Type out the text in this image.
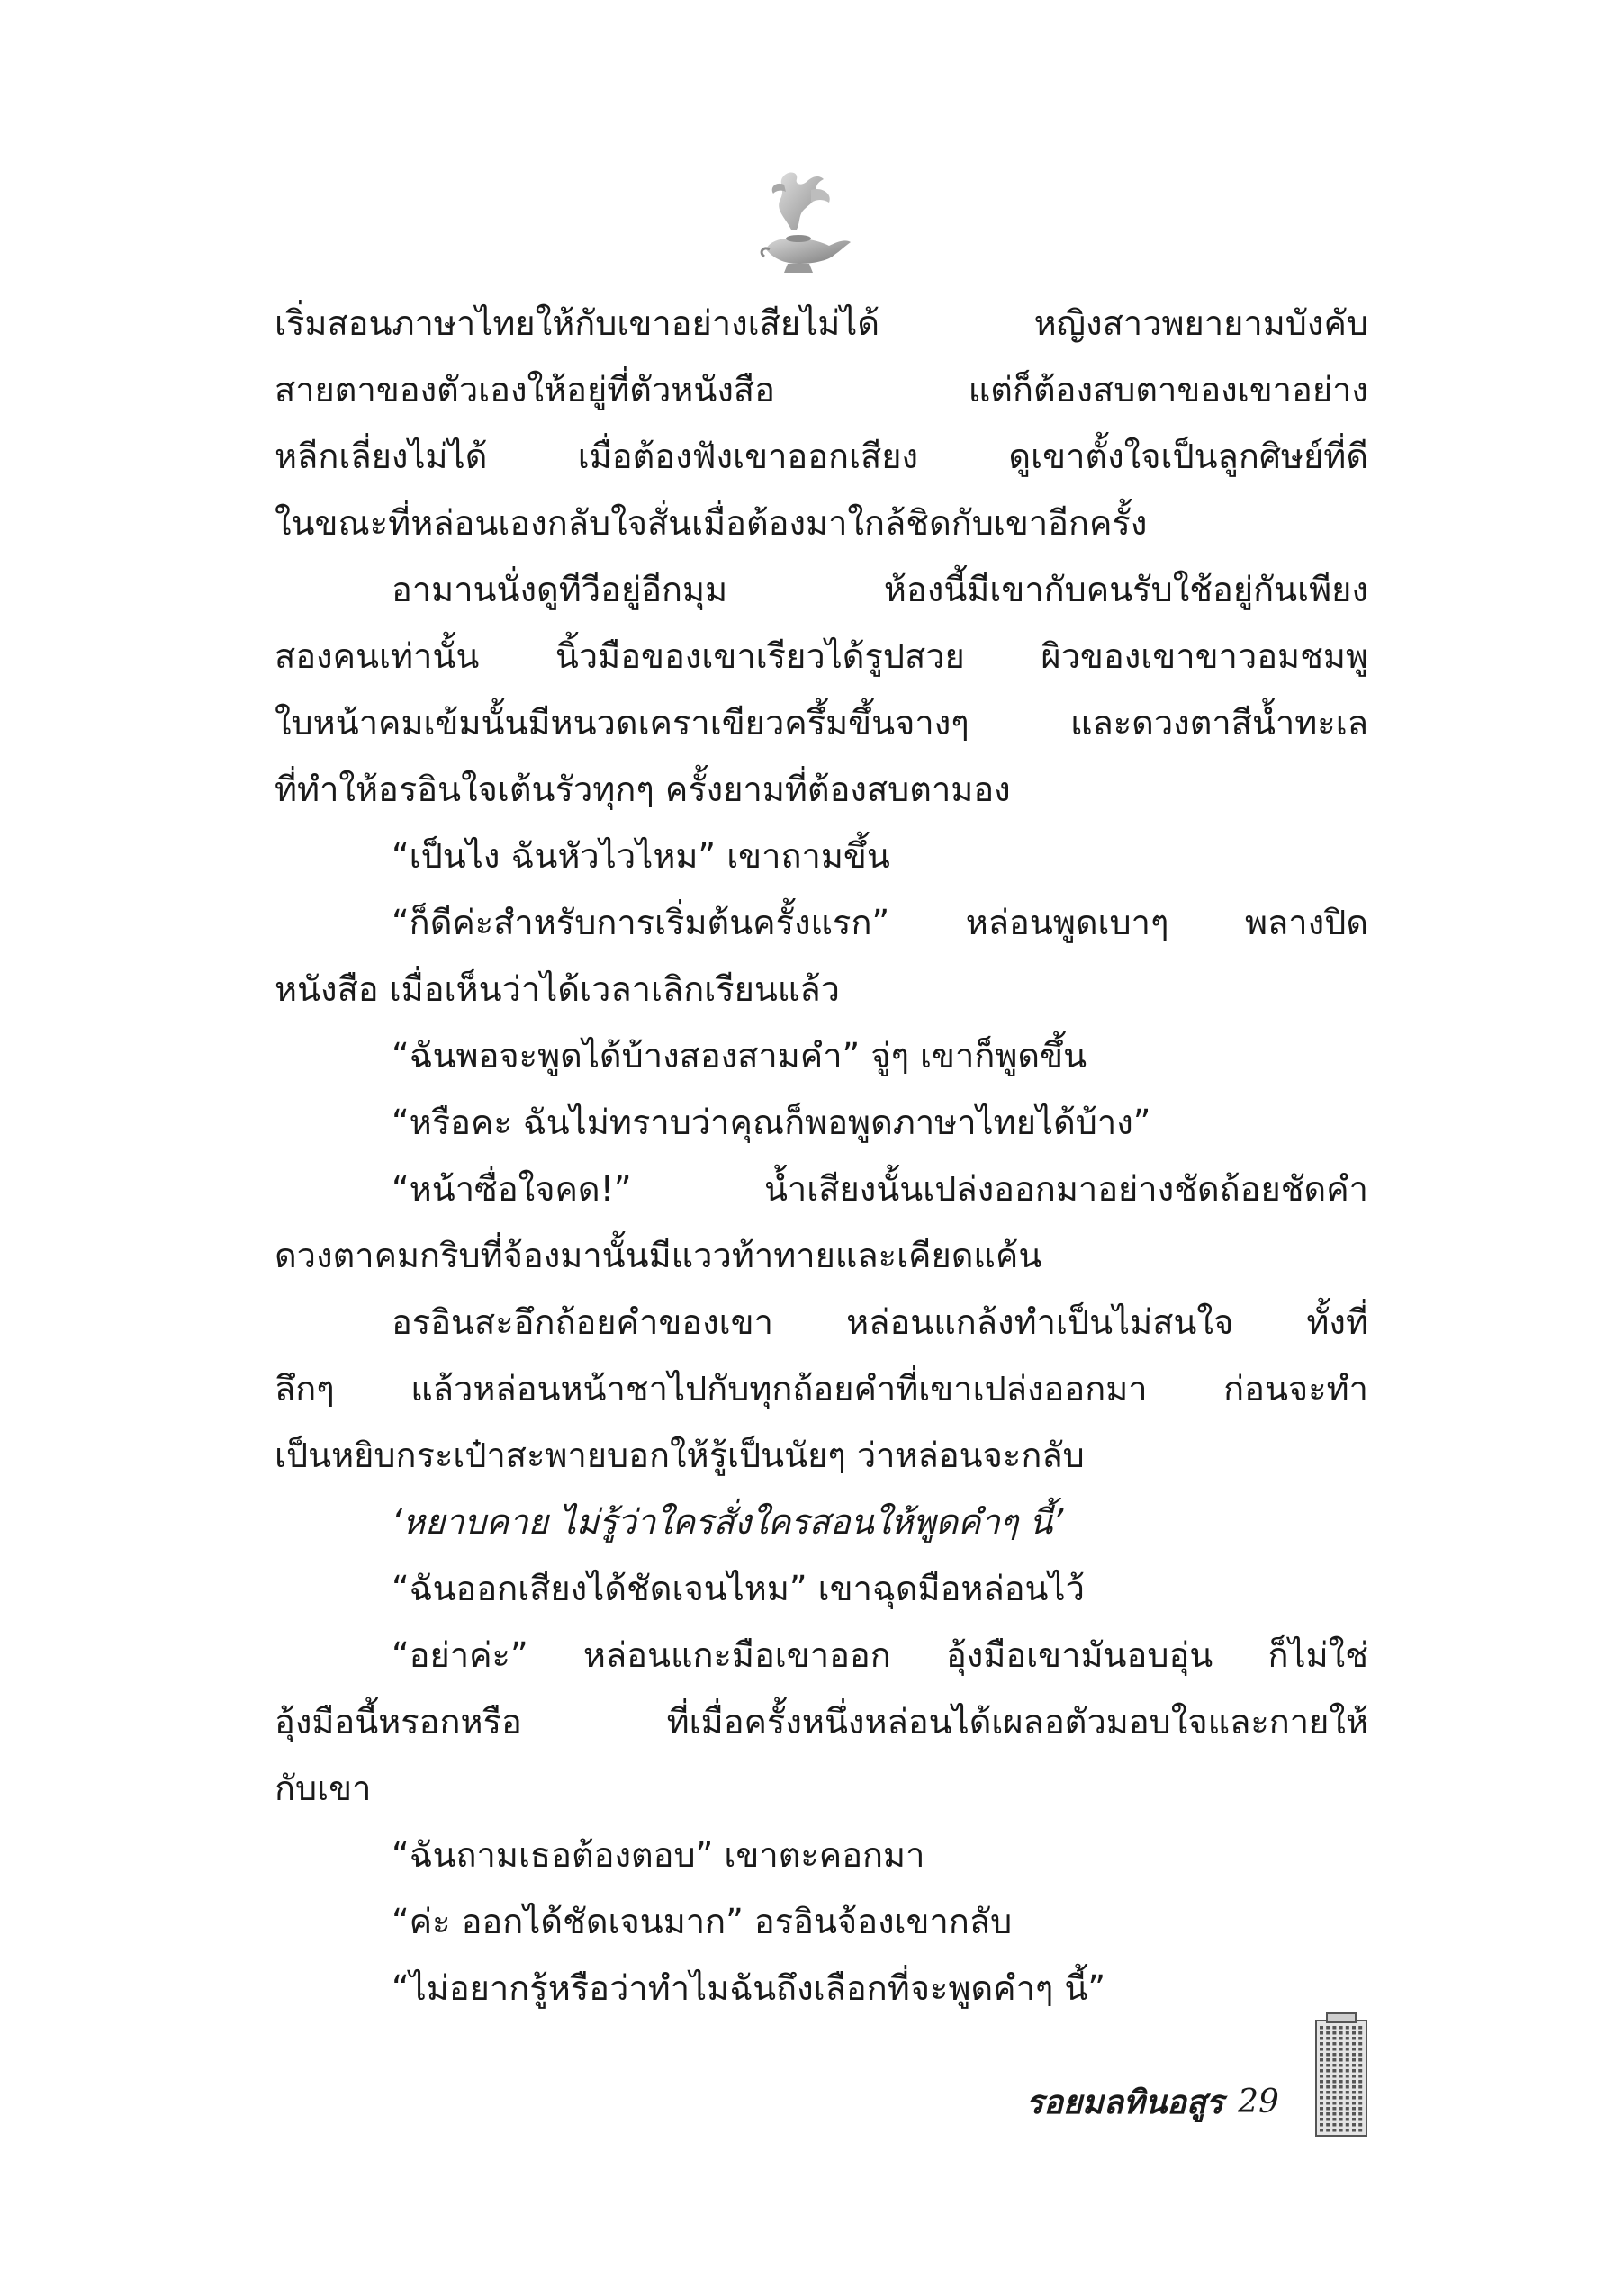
เริ่มสอนภาษาไทยให้กับเขาอย่างเสียไม่ได้ หญิงสาวพยายามบังคับ
สายตาของตัวเองให้อยู่ที่ตัวหนังสือ แต่ก็ต้องสบตาของเขาอย่าง
หลีกเลี่ยงไม่ได้ เมื่อต้องฟังเขาออกเสียง ดูเขาตั้งใจเป็นลูกศิษย์ที่ดี
ในขณะที่หล่อนเองกลับใจสั่นเมื่อต้องมาใกล้ชิดกับเขาอีกครั้ง
อามานนั่งดูทีวีอยู่อีกมุม ห้องนี้มีเขากับคนรับใช้อยู่กันเพียง
สองคนเท่านั้น นิ้วมือของเขาเรียวได้รูปสวย ผิวของเขาขาวอมชมพู
ใบหน้าคมเข้มนั้นมีหนวดเคราเขียวครึ้มขึ้นจางๆ และดวงตาสีน้ำทะเล
ที่ทำให้อรอินใจเต้นรัวทุกๆ ครั้งยามที่ต้องสบตามอง
“เป็นไง ฉันหัวไวไหม” เขาถามขึ้น
“ก็ดีค่ะสำหรับการเริ่มต้นครั้งแรก” หล่อนพูดเบาๆ พลางปิด
หนังสือ เมื่อเห็นว่าได้เวลาเลิกเรียนแล้ว
“ฉันพอจะพูดได้บ้างสองสามคำ” จู่ๆ เขาก็พูดขึ้น
“หรือคะ ฉันไม่ทราบว่าคุณก็พอพูดภาษาไทยได้บ้าง”
“หน้าซื่อใจคด!” น้ำเสียงนั้นเปล่งออกมาอย่างชัดถ้อยชัดคำ
ดวงตาคมกริบที่จ้องมานั้นมีแววท้าทายและเคียดแค้น
อรอินสะอึกถ้อยคำของเขา หล่อนแกล้งทำเป็นไม่สนใจ ทั้งที่
ลึกๆ แล้วหล่อนหน้าชาไปกับทุกถ้อยคำที่เขาเปล่งออกมา ก่อนจะทำ
เป็นหยิบกระเป๋าสะพายบอกให้รู้เป็นนัยๆ ว่าหล่อนจะกลับ
‘หยาบคาย ไม่รู้ว่าใครสั่งใครสอนให้พูดคำๆ นี้’
“ฉันออกเสียงได้ชัดเจนไหม” เขาฉุดมือหล่อนไว้
“อย่าค่ะ” หล่อนแกะมือเขาออก อุ้งมือเขามันอบอุ่น ก็ไม่ใช่
อุ้งมือนี้หรอกหรือ ที่เมื่อครั้งหนึ่งหล่อนได้เผลอตัวมอบใจและกายให้
กับเขา
“ฉันถามเธอต้องตอบ” เขาตะคอกมา
“ค่ะ ออกได้ชัดเจนมาก” อรอินจ้องเขากลับ
“ไม่อยากรู้หรือว่าทำไมฉันถึงเลือกที่จะพูดคำๆ นี้”
รอยมลทินอสูร 29
